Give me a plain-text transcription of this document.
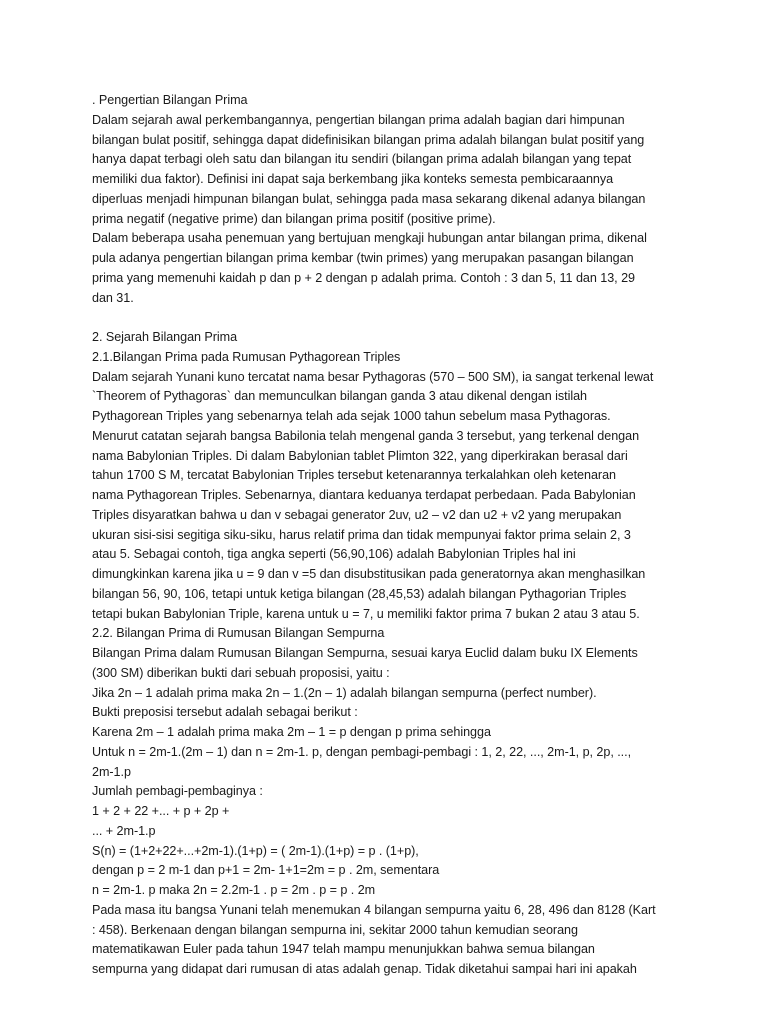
. Pengertian Bilangan Prima
Dalam sejarah awal perkembangannya, pengertian bilangan prima adalah bagian dari himpunan
bilangan bulat positif, sehingga dapat didefinisikan bilangan prima adalah bilangan bulat positif yang
hanya dapat terbagi oleh satu dan bilangan itu sendiri (bilangan prima adalah bilangan yang tepat
memiliki dua faktor). Definisi ini dapat saja berkembang jika konteks semesta pembicaraannya
diperluas menjadi himpunan bilangan bulat, sehingga pada masa sekarang dikenal adanya bilangan
prima negatif (negative prime) dan bilangan prima positif (positive prime).
Dalam beberapa usaha penemuan yang bertujuan mengkaji hubungan antar bilangan prima, dikenal
pula adanya pengertian bilangan prima kembar (twin primes) yang merupakan pasangan bilangan
prima yang memenuhi kaidah p dan p + 2 dengan p adalah prima. Contoh : 3 dan 5, 11 dan 13, 29
dan 31.
2. Sejarah Bilangan Prima
2.1.Bilangan Prima pada Rumusan Pythagorean Triples
Dalam sejarah Yunani kuno tercatat nama besar Pythagoras (570 – 500 SM), ia sangat terkenal lewat
`Theorem of Pythagoras` dan memunculkan bilangan ganda 3 atau dikenal dengan istilah
Pythagorean Triples yang sebenarnya telah ada sejak 1000 tahun sebelum masa Pythagoras.
Menurut catatan sejarah bangsa Babilonia telah mengenal ganda 3 tersebut, yang terkenal dengan
nama Babylonian Triples. Di dalam Babylonian tablet Plimton 322, yang diperkirakan berasal dari
tahun 1700 S M, tercatat Babylonian Triples tersebut ketenarannya terkalahkan oleh ketenaran
nama Pythagorean Triples. Sebenarnya, diantara keduanya terdapat perbedaan. Pada Babylonian
Triples disyaratkan bahwa u dan v sebagai generator 2uv, u2 – v2 dan u2 + v2 yang merupakan
ukuran sisi-sisi segitiga siku-siku, harus relatif prima dan tidak mempunyai faktor prima selain 2, 3
atau 5. Sebagai contoh, tiga angka seperti (56,90,106) adalah Babylonian Triples hal ini
dimungkinkan karena jika u = 9 dan v =5 dan disubstitusikan pada generatornya akan menghasilkan
bilangan 56, 90, 106, tetapi untuk ketiga bilangan (28,45,53) adalah bilangan Pythagorian Triples
tetapi bukan Babylonian Triple, karena untuk u = 7, u memiliki faktor prima 7 bukan 2 atau 3 atau 5.
2.2. Bilangan Prima di Rumusan Bilangan Sempurna
Bilangan Prima dalam Rumusan Bilangan Sempurna, sesuai karya Euclid dalam buku IX Elements
(300 SM) diberikan bukti dari sebuah proposisi, yaitu :
Jika 2n – 1 adalah prima maka 2n – 1.(2n – 1) adalah bilangan sempurna (perfect number).
Bukti preposisi tersebut adalah sebagai berikut :
Karena 2m – 1 adalah prima maka 2m – 1 = p dengan p prima sehingga
Untuk n = 2m-1.(2m – 1) dan n = 2m-1. p, dengan pembagi-pembagi : 1, 2, 22, ..., 2m-1, p, 2p, ...,
2m-1.p
Jumlah pembagi-pembaginya :
1 + 2 + 22 +... + p + 2p +
... + 2m-1.p
S(n) = (1+2+22+...+2m-1).(1+p) = ( 2m-1).(1+p) = p . (1+p),
dengan p = 2 m-1 dan p+1 = 2m- 1+1=2m = p . 2m, sementara
n = 2m-1. p maka 2n = 2.2m-1 . p = 2m . p = p . 2m
Pada masa itu bangsa Yunani telah menemukan 4 bilangan sempurna yaitu 6, 28, 496 dan 8128 (Kart
: 458). Berkenaan dengan bilangan sempurna ini, sekitar 2000 tahun kemudian seorang
matematikawan Euler pada tahun 1947 telah mampu menunjukkan bahwa semua bilangan
sempurna yang didapat dari rumusan di atas adalah genap. Tidak diketahui sampai hari ini apakah
